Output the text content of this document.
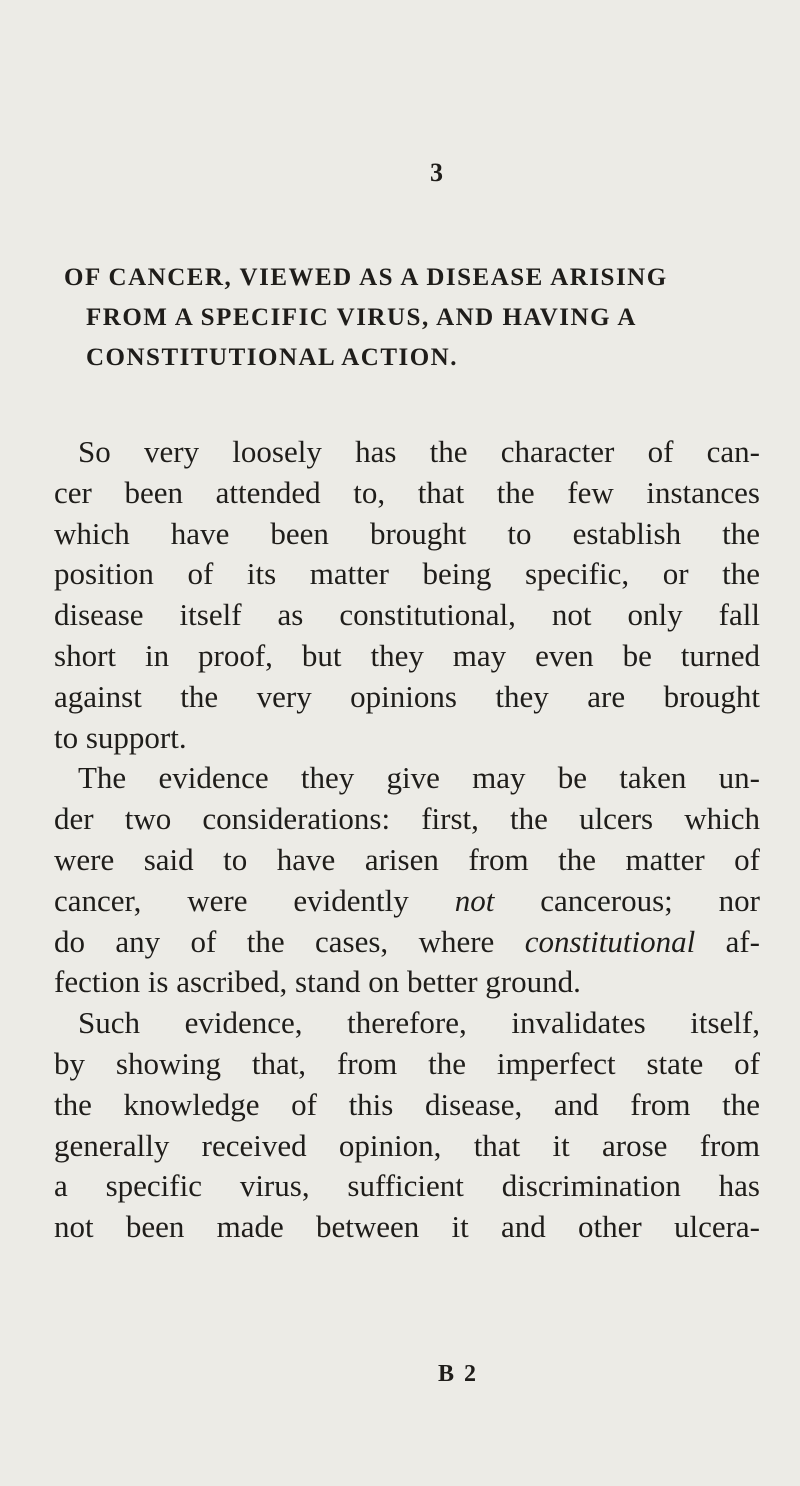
3
OF CANCER, VIEWED AS A DISEASE ARISING
FROM A SPECIFIC VIRUS, AND HAVING A
CONSTITUTIONAL ACTION.
So very loosely has the character of can-
cer been attended to, that the few instances
which have been brought to establish the
position of its matter being specific, or the
disease itself as constitutional, not only fall
short in proof, but they may even be turned
against the very opinions they are brought
to support.
The evidence they give may be taken un-
der two considerations: first, the ulcers which
were said to have arisen from the matter of
cancer, were evidently not cancerous; nor
do any of the cases, where constitutional af-
fection is ascribed, stand on better ground.
Such evidence, therefore, invalidates itself,
by showing that, from the imperfect state of
the knowledge of this disease, and from the
generally received opinion, that it arose from
a specific virus, sufficient discrimination has
not been made between it and other ulcera-
B 2
